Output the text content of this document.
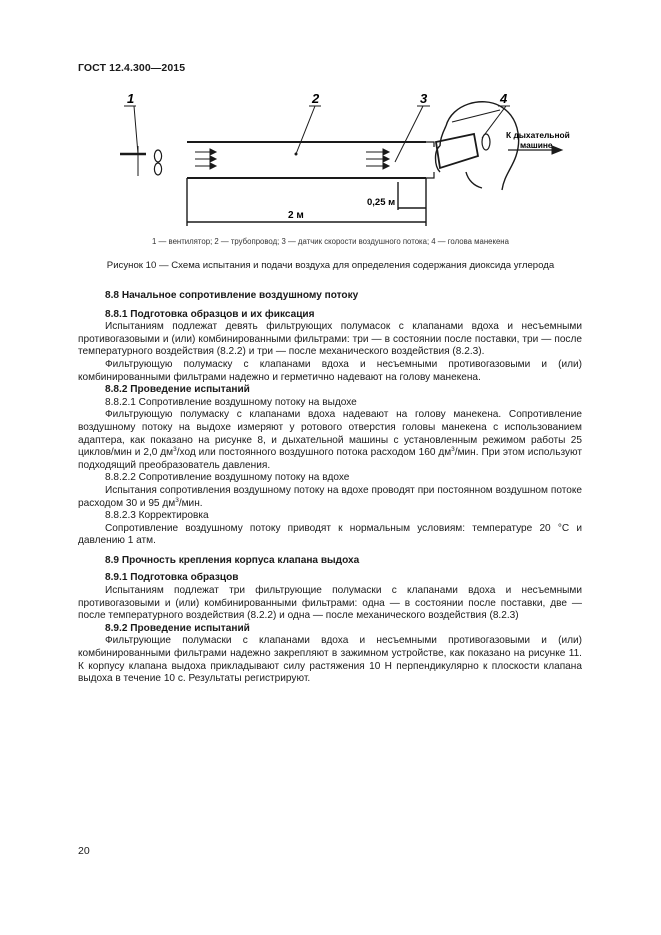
ГОСТ 12.4.300—2015
1	2	3	4
К дыхательной
машине
2 м
0,25 м
1 — вентилятор; 2 — трубопровод; 3 — датчик скорости воздушного потока; 4 — голова манекена
Рисунок 10 — Схема испытания и подачи воздуха для определения содержания диоксида углерода

8.8 Начальное сопротивление воздушному потоку

8.8.1 Подготовка образцов и их фиксация

Испытаниям подлежат девять фильтрующих полумасок с клапанами вдоха и несъемными противогазовыми и (или) комбинированными фильтрами: три — в состоянии после поставки, три — после температурного воздействия (8.2.2) и три — после механического воздействия (8.2.3).

Фильтрующую полумаску с клапанами вдоха и несъемными противогазовыми и (или) комбинированными фильтрами надежно и герметично надевают на голову манекена.

8.8.2 Проведение испытаний

8.8.2.1 Сопротивление воздушному потоку на выдохе

Фильтрующую полумаску с клапанами вдоха надевают на голову манекена. Сопротивление воздушному потоку на выдохе измеряют у ротового отверстия головы манекена с использованием адаптера, как показано на рисунке 8, и дыхательной машины с установленным режимом работы 25 циклов/мин и 2,0 $дм^3$/ход или постоянного воздушного потока расходом 160 $дм^3$/мин. При этом используют подходящий преобразователь давления.

8.8.2.2 Сопротивление воздушному потоку на вдохе

Испытания сопротивления воздушному потоку на вдохе проводят при постоянном воздушном потоке расходом 30 и 95 $дм^3$/мин.

8.8.2.3 Корректировка

Сопротивление воздушному потоку приводят к нормальным условиям: температуре 20 °С и давлению 1 атм.

8.9 Прочность крепления корпуса клапана выдоха

8.9.1 Подготовка образцов

Испытаниям подлежат три фильтрующие полумаски с клапанами вдоха и несъемными противогазовыми и (или) комбинированными фильтрами: одна — в состоянии после поставки, две — после температурного воздействия (8.2.2) и одна — после механического воздействия (8.2.3)

8.9.2 Проведение испытаний

Фильтрующие полумаски с клапанами вдоха и несъемными противогазовыми и (или) комбинированными фильтрами надежно закрепляют в зажимном устройстве, как показано на рисунке 11. К корпусу клапана выдоха прикладывают силу растяжения 10 Н перпендикулярно к плоскости клапана выдоха в течение 10 с. Результаты регистрируют.

20
